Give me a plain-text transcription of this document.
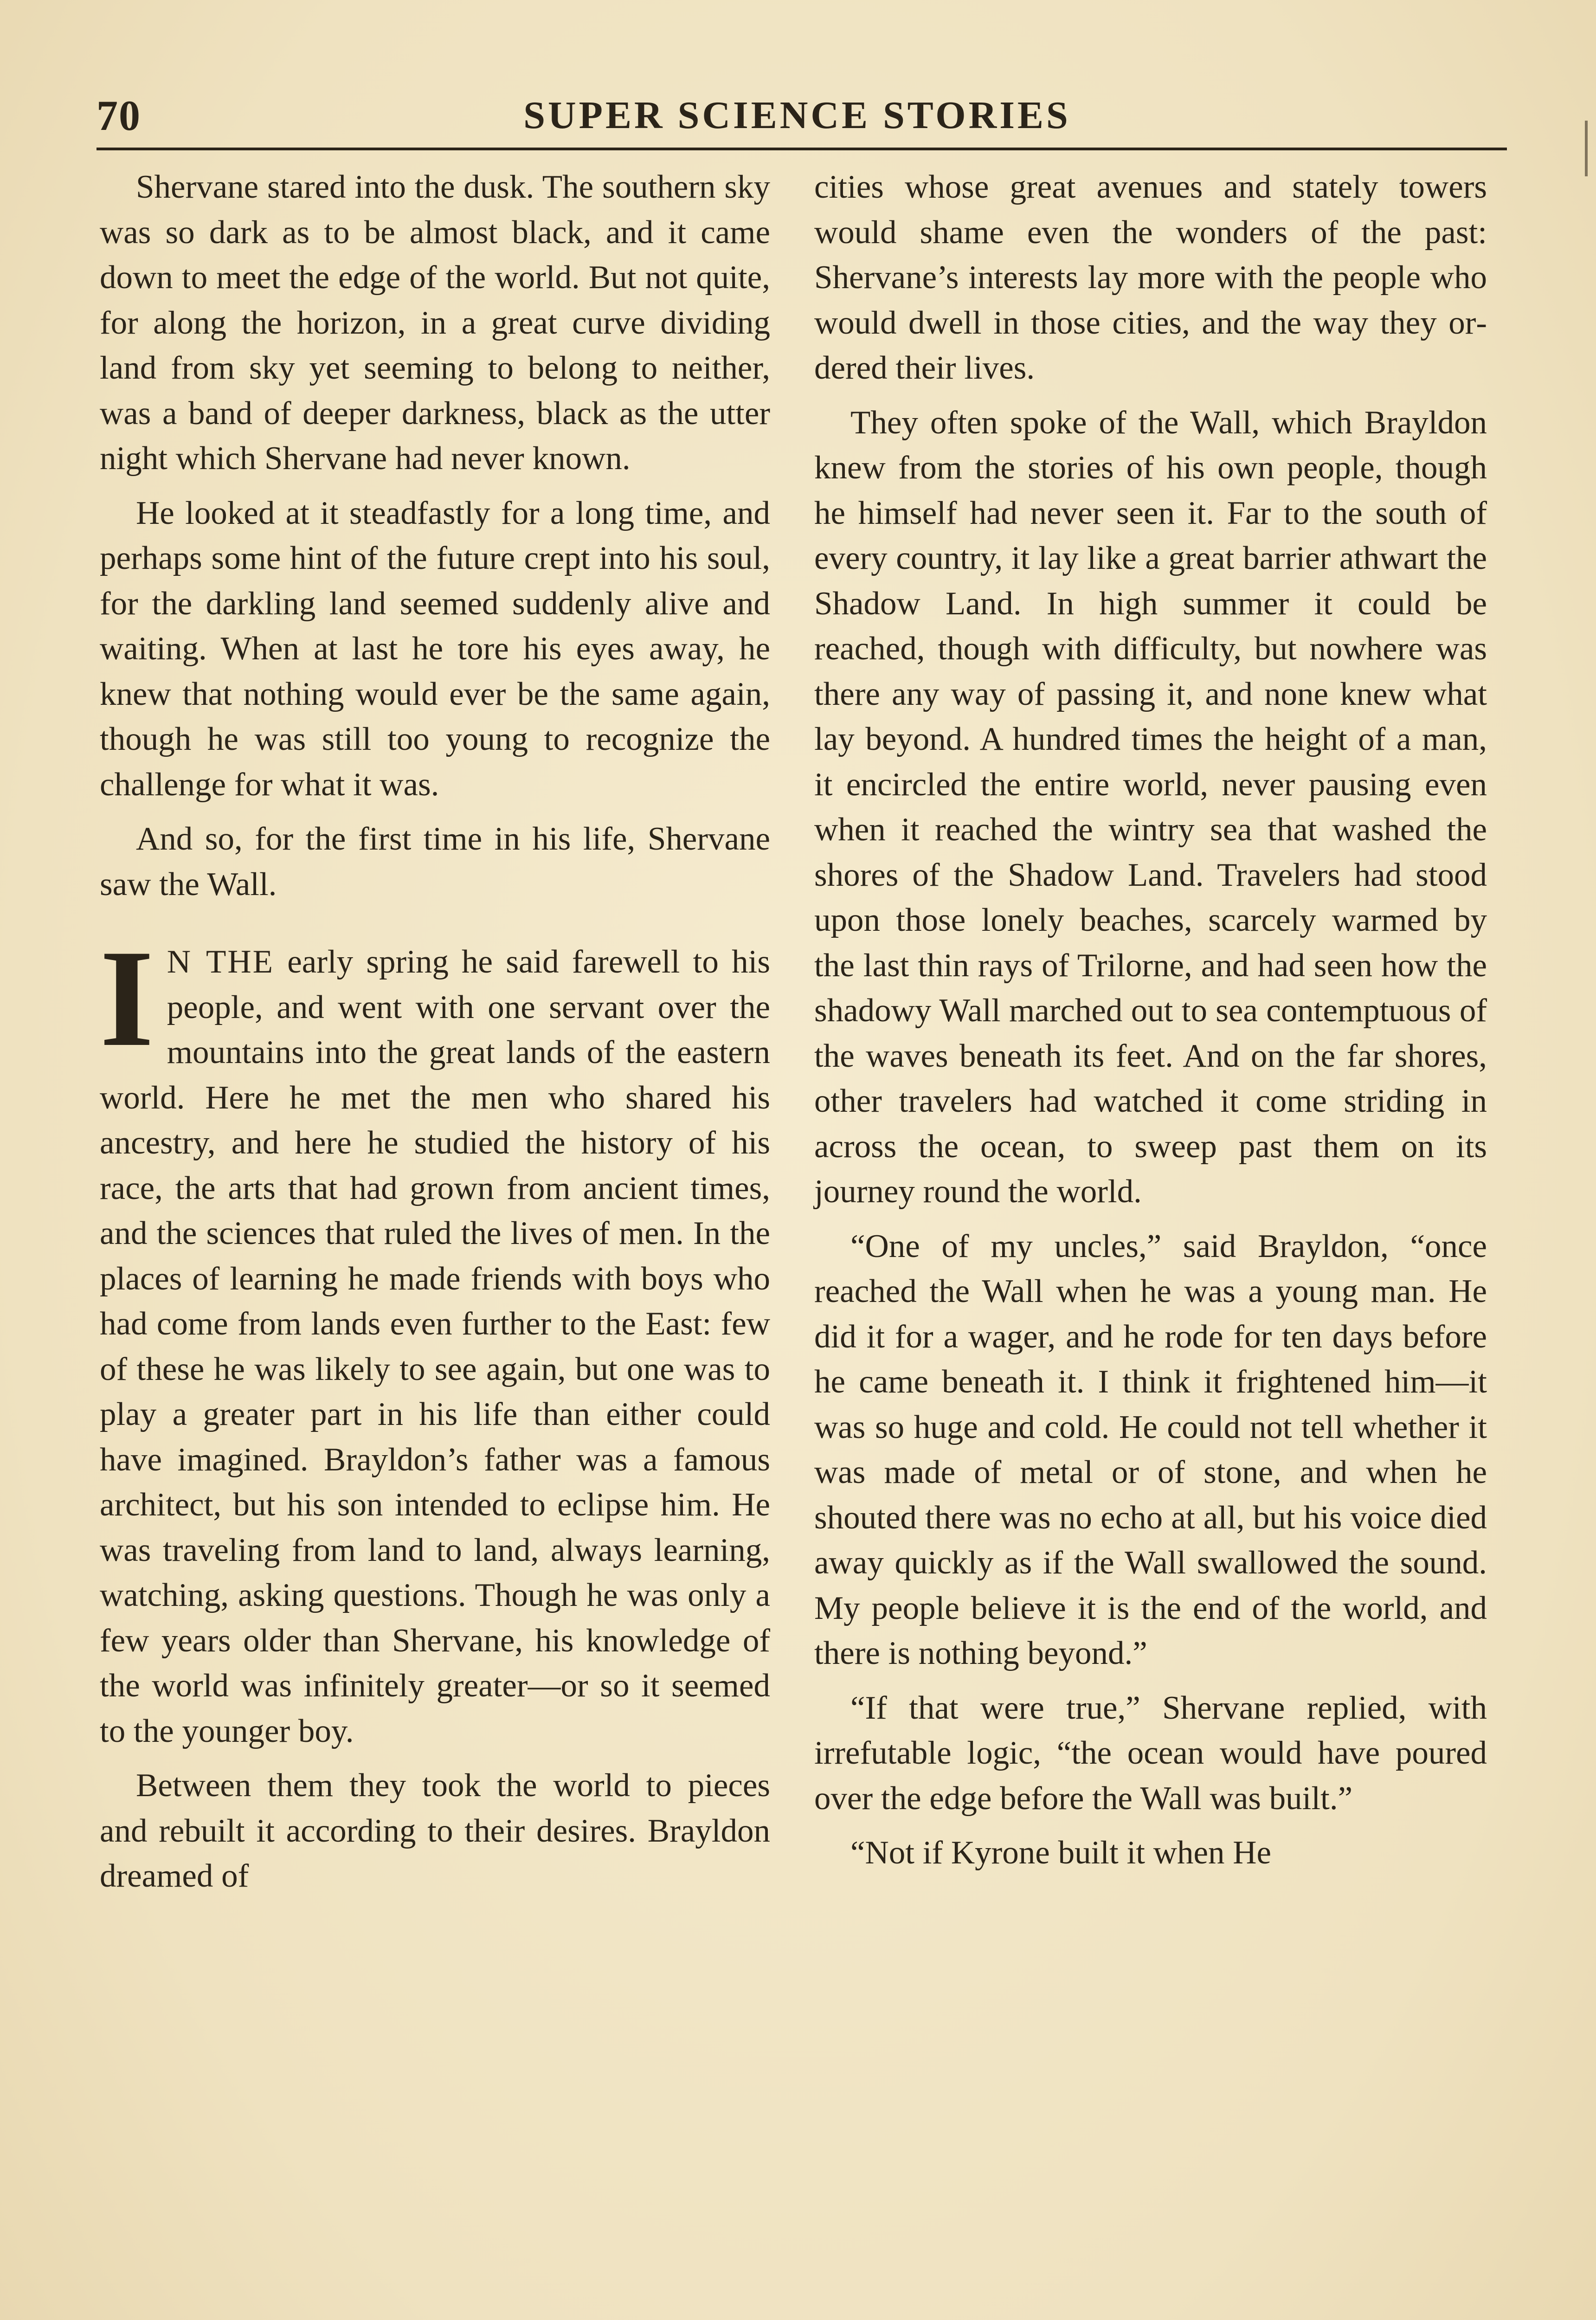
70	SUPER SCIENCE STORIES

Shervane stared into the dusk. The southern sky was so dark as to be almost black, and it came down to meet the edge of the world. But not quite, for along the horizon, in a great curve dividing land from sky yet seeming to belong to neither, was a band of deeper darkness, black as the utter night which Shervane had never known.

He looked at it steadfastly for a long time, and perhaps some hint of the future crept into his soul, for the darkling land seemed suddenly alive and waiting. When at last he tore his eyes away, he knew that nothing would ever be the same again, though he was still too young to recognize the challenge for what it was.

And so, for the first time in his life, Shervane saw the Wall.

I N THE early spring he said farewell to his people, and went with one servant over the mountains into the great lands of the eastern world. Here he met the men who shared his ancestry, and here he studied the history of his race, the arts that had grown from ancient times, and the sciences that ruled the lives of men. In the places of learning he made friends with boys who had come from lands even further to the East: few of these he was likely to see again, but one was to play a greater part in his life than either could have imagined. Brayldon’s father was a famous architect, but his son intended to eclipse him. He was traveling from land to land, always learning, watching, asking questions. Though he was only a few years older than Shervane, his knowledge of the world was infinitely greater—or so it seemed to the younger boy.

Between them they took the world to pieces and rebuilt it according to their desires. Brayldon dreamed of

cities whose great avenues and stately towers would shame even the wonders of the past: Shervane’s interests lay more with the people who would dwell in those cities, and the way they ordered their lives.

They often spoke of the Wall, which Brayldon knew from the stories of his own people, though he himself had never seen it. Far to the south of every country, it lay like a great barrier athwart the Shadow Land. In high summer it could be reached, though with difficulty, but nowhere was there any way of passing it, and none knew what lay beyond. A hundred times the height of a man, it encircled the entire world, never pausing even when it reached the wintry sea that washed the shores of the Shadow Land. Travelers had stood upon those lonely beaches, scarcely warmed by the last thin rays of Trilorne, and had seen how the shadowy Wall marched out to sea contemptuous of the waves beneath its feet. And on the far shores, other travelers had watched it come striding in across the ocean, to sweep past them on its journey round the world.

“One of my uncles,” said Brayldon, “once reached the Wall when he was a young man. He did it for a wager, and he rode for ten days before he came beneath it. I think it frightened him—it was so huge and cold. He could not tell whether it was made of metal or of stone, and when he shouted there was no echo at all, but his voice died away quickly as if the Wall swallowed the sound. My people believe it is the end of the world, and there is nothing beyond.”

“If that were true,” Shervane replied, with irrefutable logic, “the ocean would have poured over the edge before the Wall was built.”

“Not if Kyrone built it when He
